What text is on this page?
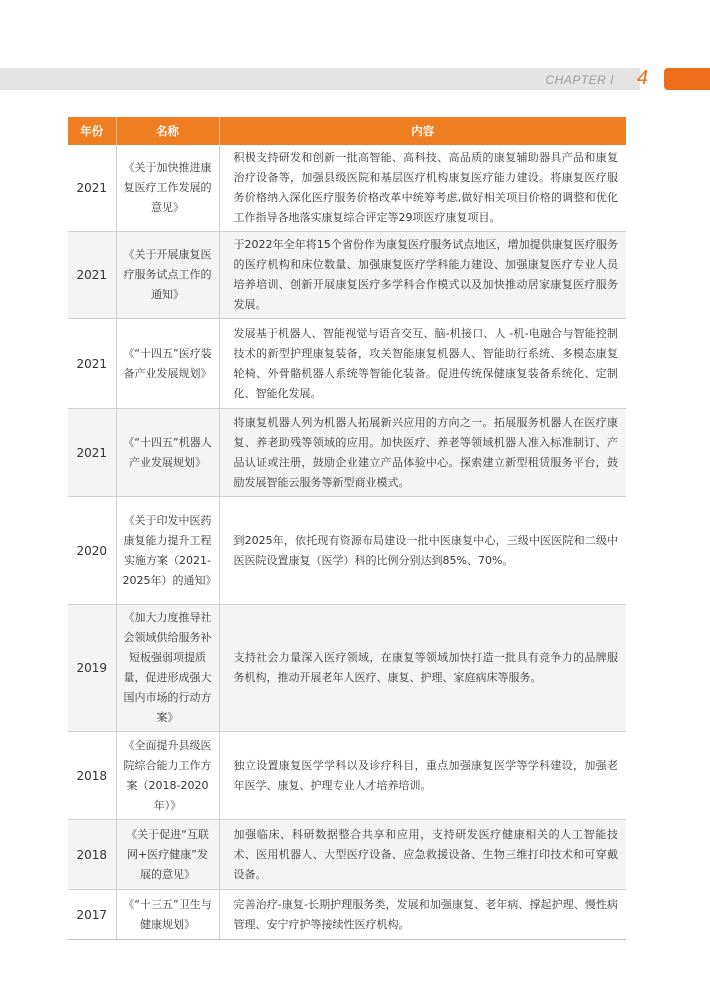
CHAPTER I 4
年份	名称	内容
2021	《关于加快推进康复医疗工作发展的意见》	积极支持研发和创新一批高智能、高科技、高品质的康复辅助器具产品和康复治疗设备等，加强县级医院和基层医疗机构康复医疗能力建设。将康复医疗服务价格纳入深化医疗服务价格改革中统筹考虑,做好相关项目价格的调整和优化工作指导各地落实康复综合评定等29项医疗康复项目。
2021	《关于开展康复医疗服务试点工作的通知》	于2022年全年将15个省份作为康复医疗服务试点地区，增加提供康复医疗服务的医疗机构和床位数量、加强康复医疗学科能力建设、加强康复医疗专业人员培养培训、创新开展康复医疗多学科合作模式以及加快推动居家康复医疗服务发展。
2021	《“十四五”医疗装备产业发展规划》	发展基于机器人、智能视觉与语音交互、脑-机接口、人 -机-电融合与智能控制技术的新型护理康复装备，攻关智能康复机器人、智能助行系统、多模态康复轮椅、外骨骼机器人系统等智能化装备。促进传统保健康复装备系统化、定制化、智能化发展。
2021	《“十四五”机器人产业发展规划》	将康复机器人列为机器人拓展新兴应用的方向之一。拓展服务机器人在医疗康复、养老助残等领域的应用。加快医疗、养老等领域机器人准入标准制订、产品认证或注册，鼓励企业建立产品体验中心。探索建立新型租赁服务平台，鼓励发展智能云服务等新型商业模式。
2020	《关于印发中医药康复能力提升工程实施方案（2021-2025年）的通知》	到2025年，依托现有资源布局建设一批中医康复中心，三级中医医院和二级中医医院设置康复（医学）科的比例分别达到85%、70%。
2019	《加大力度推导社会领域供给服务补短板强弱项提质量，促进形成强大国内市场的行动方案》	支持社会力量深入医疗领域，在康复等领域加快打造一批具有竞争力的品牌服务机构，推动开展老年人医疗、康复、护理、家庭病床等服务。
2018	《全面提升县级医院综合能力工作方案（2018-2020年）》	独立设置康复医学学科以及诊疗科目，重点加强康复医学等学科建设，加强老年医学、康复、护理专业人才培养培训。
2018	《关于促进“互联网+医疗健康”发展的意见》	加强临床、科研数据整合共享和应用，支持研发医疗健康相关的人工智能技术、医用机器人、大型医疗设备、应急救援设备、生物三维打印技术和可穿戴设备。
2017	《“十三五”卫生与健康规划》	完善治疗-康复-长期护理服务类，发展和加强康复、老年病、撑起护理、慢性病管理、安宁疗护等接续性医疗机构。
